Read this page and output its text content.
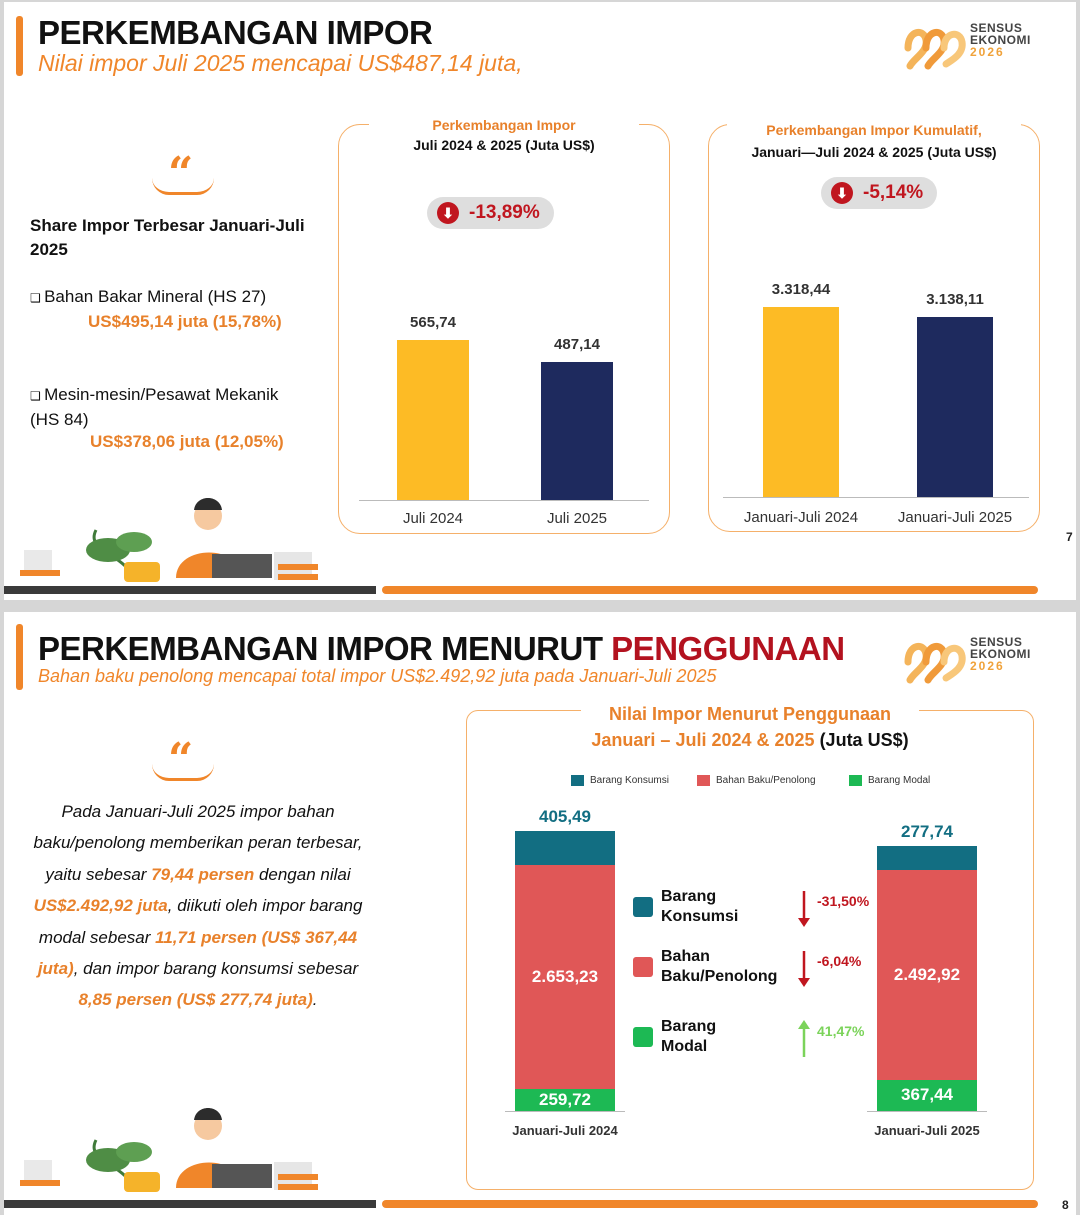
PERKEMBANGAN IMPOR
Nilai impor Juli 2025 mencapai US$487,14 juta,
SENSUS
EKONOMI
2026
“
Share Impor Terbesar Januari-Juli 2025
❑ Bahan Bakar Mineral (HS 27)
US$495,14 juta (15,78%)
❑ Mesin-mesin/Pesawat Mekanik
(HS 84)
US$378,06 juta (12,05%)
7
Perkembangan Impor
Juli 2024 & 2025 (Juta US$)
⬇ -13,89%
565,74
Juli 2024
487,14
Juli 2025
Perkembangan Impor Kumulatif,
Januari—Juli 2024 & 2025 (Juta US$)
⬇ -5,14%
3.318,44
Januari-Juli 2024
3.138,11
Januari-Juli 2025
PERKEMBANGAN IMPOR MENURUT PENGGUNAAN
Bahan baku penolong mencapai total impor US$2.492,92 juta pada Januari-Juli 2025
SENSUS
EKONOMI
2026
“
Pada Januari-Juli 2025 impor bahan baku/penolong memberikan peran terbesar, yaitu sebesar 79,44 persen dengan nilai US$2.492,92 juta, diikuti oleh impor barang modal sebesar 11,71 persen (US$ 367,44 juta), dan impor barang konsumsi sebesar 8,85 persen (US$ 277,74 juta).
8
Nilai Impor Menurut Penggunaan
Januari – Juli 2024 & 2025 (Juta US$)
Barang Konsumsi	Bahan Baku/Penolong	Barang Modal
259,72
2.653,23
405,49
Januari-Juli 2024
367,44
2.492,92
277,74
Januari-Juli 2025
Barang
Konsumsi
-31,50%
Bahan
Baku/Penolong
-6,04%
Barang
Modal
41,47%
